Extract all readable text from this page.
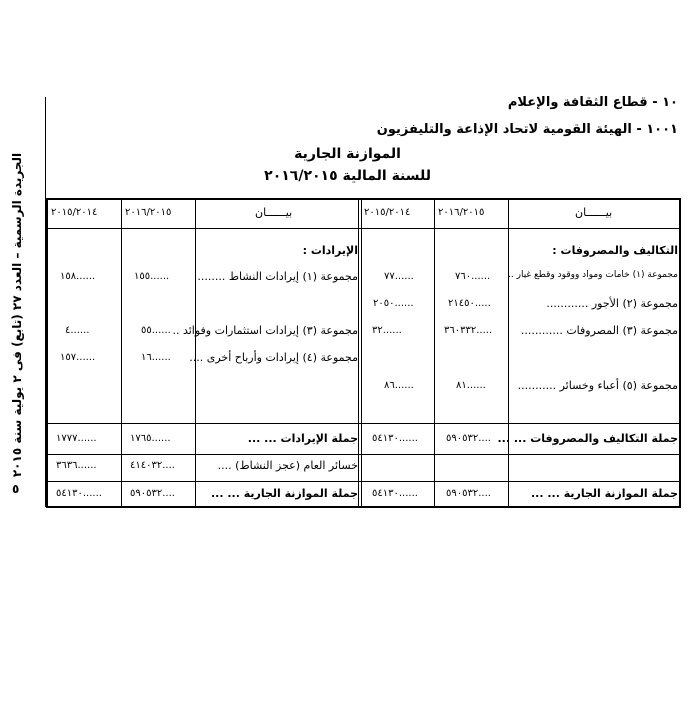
الجريدة الرسمية – العدد ٢٧ (تابع) فى ٢ يولية سنة ٢٠١٥
٥
١٠ - قطاع الثقافة والإعلام
١٠٠١ - الهيئة القومية لاتحاد الإذاعة والتليفزيون
الموازنة الجارية
للسنة المالية ٢٠١٦/٢٠١٥
بيــــــان
٢٠١٦/٢٠١٥
٢٠١٥/٢٠١٤
بيــــــان
٢٠١٦/٢٠١٥
٢٠١٥/٢٠١٤
التكاليف والمصروفات :
مجموعة (١) خامات ومواد ووقود وقطع غيار ..
٧٦٠......
٧٧......
مجموعة (٢) الأجور ............
٢١٤٥٠.....
٢٠٥٠......
مجموعة (٣) المصروفات ............
٣٦٠٣٣٢.....
٣٢......
مجموعة (٥) أعباء وخسائر ...........
٨١......
٨٦......
جملة التكاليف والمصروفات ... ...
٥٩٠٥٣٢....
٥٤١٣٠......
جملة الموازنة الجارية ... ...
٥٩٠٥٣٢....
٥٤١٣٠......
الإيرادات :
مجموعة (١) إيرادات النشاط ........
١٥٥......
١٥٨......
مجموعة (٣) إيرادات استثمارات وفوائد ..
٥٥......
٤......
مجموعة (٤) إيرادات وأرباح أخرى ....
١٦......
١٥٧......
جملة الإيرادات ... ...
١٧٦٥......
١٧٧٧......
خسائر العام (عجز النشاط) ....
٤١٤٠٣٢....
٣٦٣٦......
جملة الموازنة الجارية ... ...
٥٩٠٥٣٢....
٥٤١٣٠......
